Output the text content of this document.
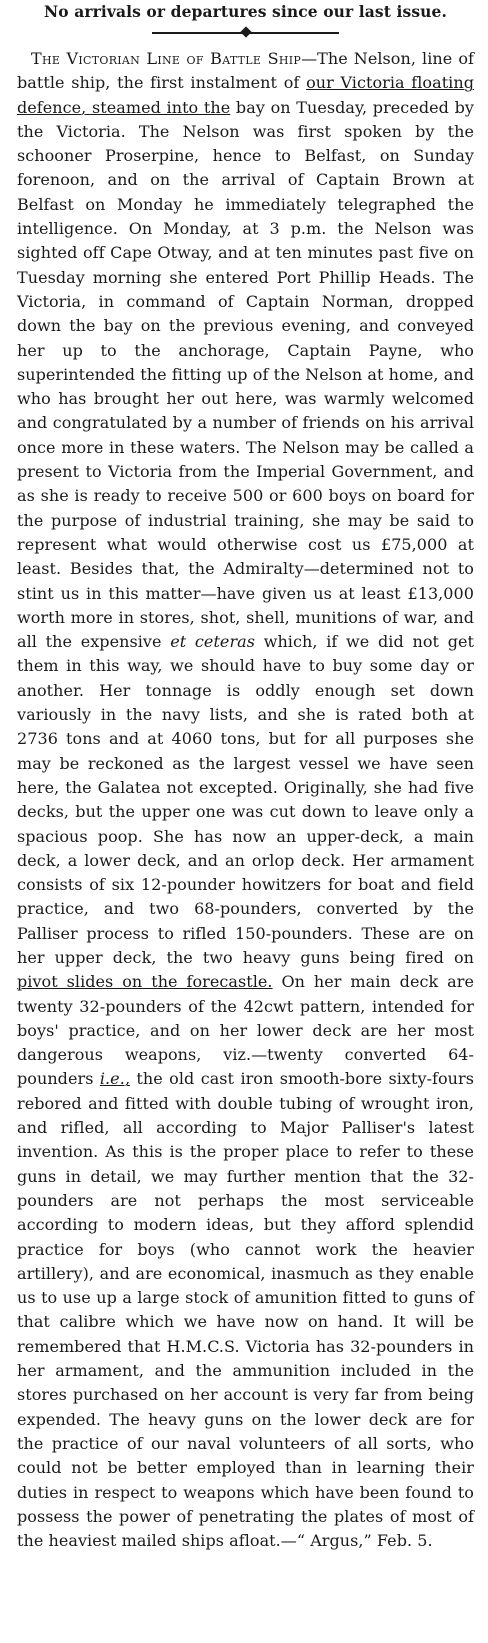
No arrivals or departures since our last issue.

The Victorian Line of Battle Ship—The Nelson, line of battle ship, the first instalment of our Victoria floating defence, steamed into the bay on Tuesday, preceded by the Victoria. The Nelson was first spoken by the schooner Proserpine, hence to Belfast, on Sunday forenoon, and on the arrival of Captain Brown at Belfast on Monday he immediately telegraphed the intelligence. On Monday, at 3 p.m. the Nelson was sighted off Cape Otway, and at ten minutes past five on Tuesday morning she entered Port Phillip Heads. The Victoria, in command of Captain Norman, dropped down the bay on the previous evening, and conveyed her up to the anchorage, Captain Payne, who superintended the fitting up of the Nelson at home, and who has brought her out here, was warmly welcomed and congratulated by a number of friends on his arrival once more in these waters. The Nelson may be called a present to Victoria from the Imperial Government, and as she is ready to receive 500 or 600 boys on board for the purpose of industrial training, she may be said to represent what would otherwise cost us £75,000 at least. Besides that, the Admiralty—determined not to stint us in this matter—have given us at least £13,000 worth more in stores, shot, shell, munitions of war, and all the expensive et ceteras which, if we did not get them in this way, we should have to buy some day or another. Her tonnage is oddly enough set down variously in the navy lists, and she is rated both at 2736 tons and at 4060 tons, but for all purposes she may be reckoned as the largest vessel we have seen here, the Galatea not excepted. Originally, she had five decks, but the upper one was cut down to leave only a spacious poop. She has now an upper-deck, a main deck, a lower deck, and an orlop deck. Her armament consists of six 12-pounder howitzers for boat and field practice, and two 68-pounders, converted by the Palliser process to rifled 150-pounders. These are on her upper deck, the two heavy guns being fired on pivot slides on the forecastle. On her main deck are twenty 32-pounders of the 42cwt pattern, intended for boys' practice, and on her lower deck are her most dangerous weapons, viz.—twenty converted 64-pounders i.e., the old cast iron smooth-bore sixty-fours rebored and fitted with double tubing of wrought iron, and rifled, all according to Major Palliser's latest invention. As this is the proper place to refer to these guns in detail, we may further mention that the 32-pounders are not perhaps the most serviceable according to modern ideas, but they afford splendid practice for boys (who cannot work the heavier artillery), and are economical, inasmuch as they enable us to use up a large stock of amunition fitted to guns of that calibre which we have now on hand. It will be remembered that H.M.C.S. Victoria has 32-pounders in her armament, and the ammunition included in the stores purchased on her account is very far from being expended. The heavy guns on the lower deck are for the practice of our naval volunteers of all sorts, who could not be better employed than in learning their duties in respect to weapons which have been found to possess the power of penetrating the plates of most of the heaviest mailed ships afloat.—“ Argus,” Feb. 5.
